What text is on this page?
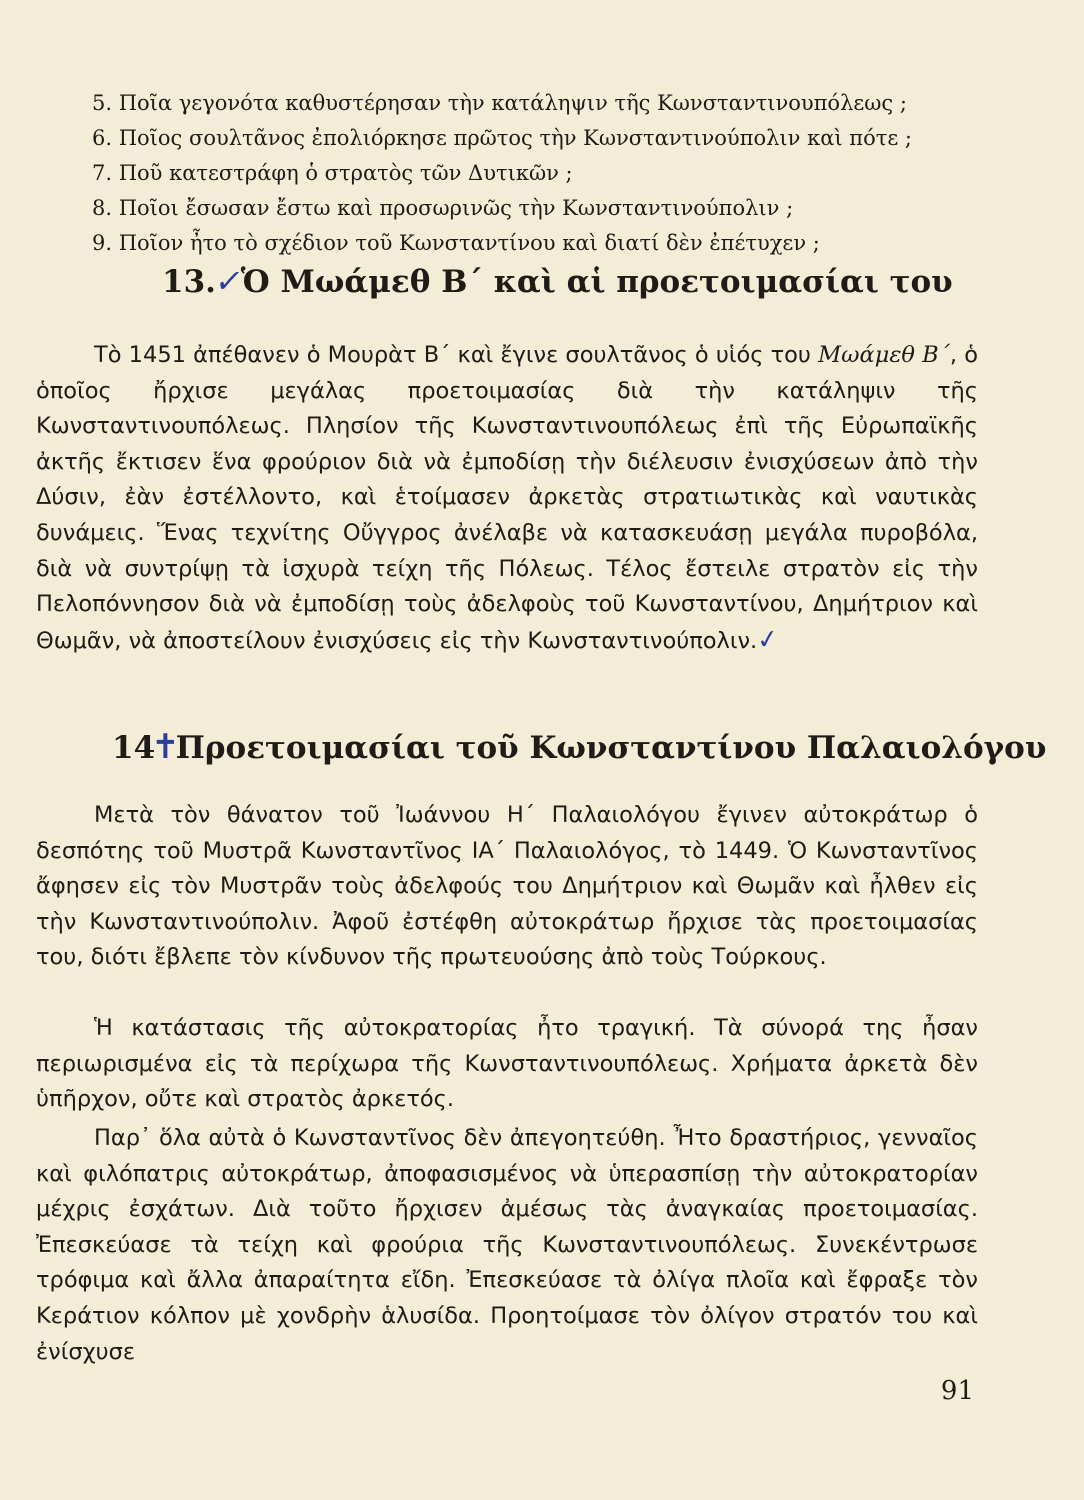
5. Ποῖα γεγονότα καθυστέρησαν τὴν κατάληψιν τῆς Κωνσταντινουπόλεως ;
6. Ποῖος σουλτᾶνος ἐπολιόρκησε πρῶτος τὴν Κωνσταντινούπολιν καὶ πότε ;
7. Ποῦ κατεστράφη ὁ στρατὸς τῶν Δυτικῶν ;
8. Ποῖοι ἔσωσαν ἔστω καὶ προσωρινῶς τὴν Κωνσταντινούπολιν ;
9. Ποῖον ἦτο τὸ σχέδιον τοῦ Κωνσταντίνου καὶ διατί δὲν ἐπέτυχεν ;
13.✓Ὁ Μωάμεθ Β΄ καὶ αἱ προετοιμασίαι του

Τὸ 1451 ἀπέθανεν ὁ Μουρὰτ Β΄ καὶ ἔγινε σουλτᾶνος ὁ υἱός του Μωάμεθ Β΄, ὁ ὁποῖος ἤρχισε μεγάλας προετοιμασίας διὰ τὴν κατάληψιν τῆς Κωνσταντινουπόλεως. Πλησίον τῆς Κωνσταντινουπόλεως ἐπὶ τῆς Εὐρωπαϊκῆς ἀκτῆς ἔκτισεν ἕνα φρούριον διὰ νὰ ἐμποδίσῃ τὴν διέλευσιν ἐνισχύσεων ἀπὸ τὴν Δύσιν, ἐὰν ἐστέλλοντο, καὶ ἑτοίμασεν ἀρκετὰς στρατιωτικὰς καὶ ναυτικὰς δυνάμεις. Ἕνας τεχνίτης Οὔγγρος ἀνέλαβε νὰ κατασκευάσῃ μεγάλα πυροβόλα, διὰ νὰ συντρίψῃ τὰ ἰσχυρὰ τείχη τῆς Πόλεως. Τέλος ἔστειλε στρατὸν εἰς τὴν Πελοπόννησον διὰ νὰ ἐμποδίσῃ τοὺς ἀδελφοὺς τοῦ Κωνσταντίνου, Δημήτριον καὶ Θωμᾶν, νὰ ἀποστείλουν ἐνισχύσεις εἰς τὴν Κωνσταντινούπολιν.✓

14✝Προετοιμασίαι τοῦ Κωνσταντίνου Παλαιολόγου

Μετὰ τὸν θάνατον τοῦ Ἰωάννου Η΄ Παλαιολόγου ἔγινεν αὐτοκράτωρ ὁ δεσπότης τοῦ Μυστρᾶ Κωνσταντῖνος ΙΑ΄ Παλαιολόγος, τὸ 1449. Ὁ Κωνσταντῖνος ἄφησεν εἰς τὸν Μυστρᾶν τοὺς ἀδελφούς του Δημήτριον καὶ Θωμᾶν καὶ ἦλθεν εἰς τὴν Κωνσταντινούπολιν. Ἀφοῦ ἐστέφθη αὐτοκράτωρ ἤρχισε τὰς προετοιμασίας του, διότι ἔβλεπε τὸν κίνδυνον τῆς πρωτευούσης ἀπὸ τοὺς Τούρκους.

Ἡ κατάστασις τῆς αὐτοκρατορίας ἦτο τραγική. Τὰ σύνορά της ἦσαν περιωρισμένα εἰς τὰ περίχωρα τῆς Κωνσταντινουπόλεως. Χρήματα ἀρκετὰ δὲν ὑπῆρχον, οὔτε καὶ στρατὸς ἀρκετός.

Παρ᾽ ὅλα αὐτὰ ὁ Κωνσταντῖνος δὲν ἀπεγοητεύθη. Ἦτο δραστήριος, γενναῖος καὶ φιλόπατρις αὐτοκράτωρ, ἀποφασισμένος νὰ ὑπερασπίσῃ τὴν αὐτοκρατορίαν μέχρις ἐσχάτων. Διὰ τοῦτο ἤρχισεν ἀμέσως τὰς ἀναγκαίας προετοιμασίας. Ἐπεσκεύασε τὰ τείχη καὶ φρούρια τῆς Κωνσταντινουπόλεως. Συνεκέντρωσε τρόφιμα καὶ ἄλλα ἀπαραίτητα εἴδη. Ἐπεσκεύασε τὰ ὀλίγα πλοῖα καὶ ἔφραξε τὸν Κεράτιον κόλπον μὲ χονδρὴν ἁλυσίδα. Προητοίμασε τὸν ὀλίγον στρατόν του καὶ ἐνίσχυσε

91
